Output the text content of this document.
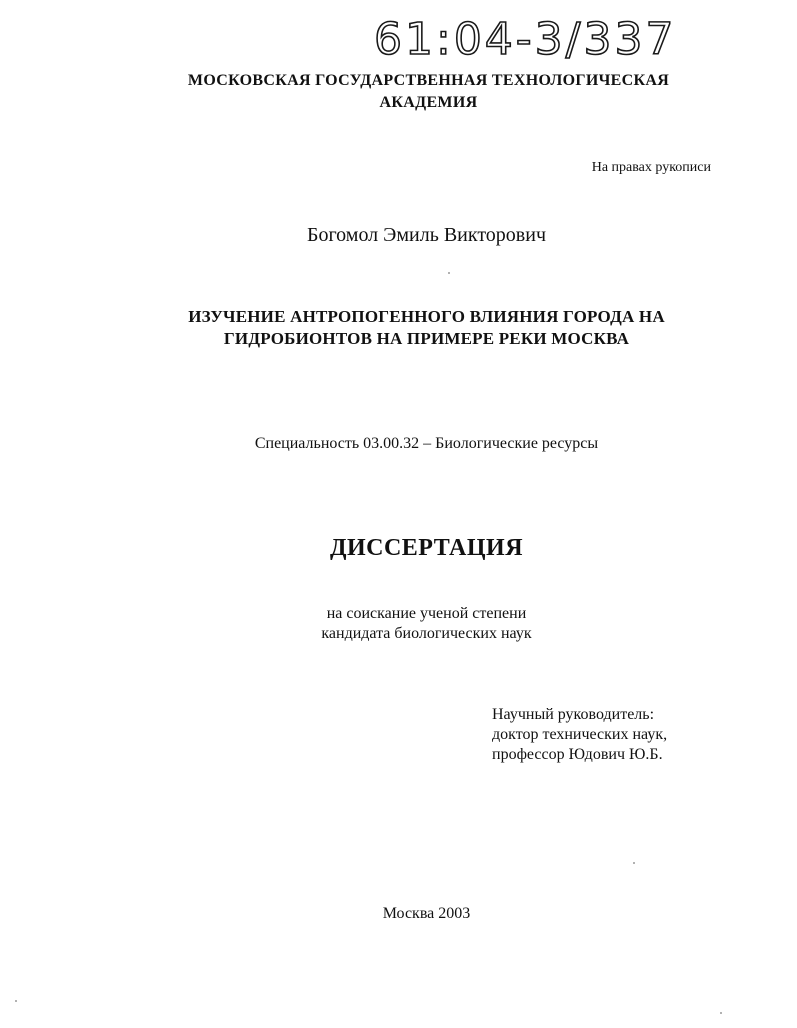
61:04-3/337

МОСКОВСКАЯ ГОСУДАРСТВЕННАЯ ТЕХНОЛОГИЧЕСКАЯ

АКАДЕМИЯ

На правах рукописи

Богомол Эмиль Викторович

ИЗУЧЕНИЕ АНТРОПОГЕННОГО ВЛИЯНИЯ ГОРОДА НА

ГИДРОБИОНТОВ НА ПРИМЕРЕ РЕКИ МОСКВА

Специальность 03.00.32 – Биологические ресурсы

ДИССЕРТАЦИЯ

на соискание ученой степени

кандидата биологических наук

Научный руководитель:

доктор технических наук,

профессор Юдович Ю.Б.

Москва 2003
